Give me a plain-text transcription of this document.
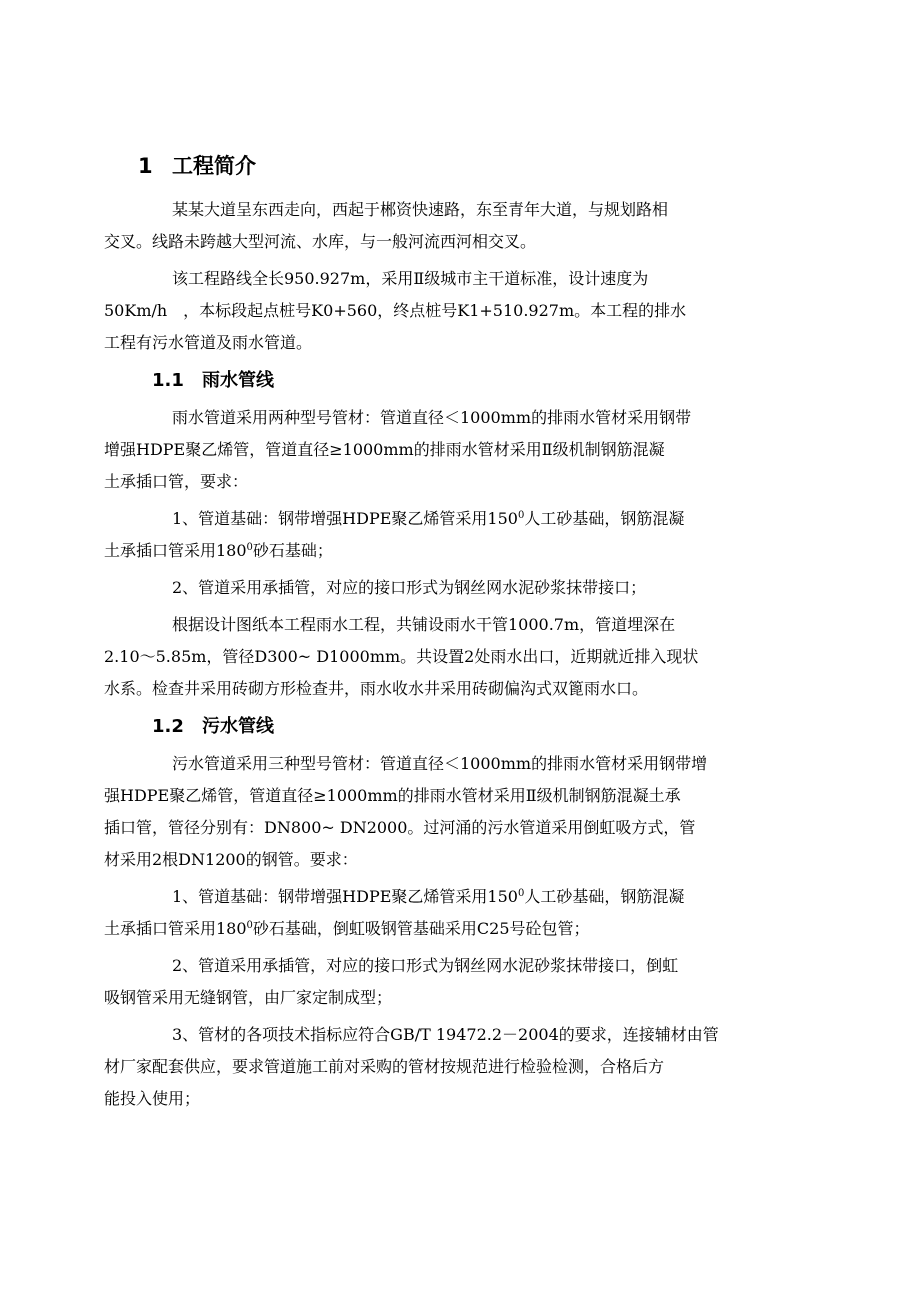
1 工程简介

某某大道呈东西走向，西起于郴资快速路，东至青年大道，与规划路相
交叉。线路未跨越大型河流、水库，与一般河流西河相交叉。

该工程路线全长950.927m，采用Ⅱ级城市主干道标准，设计速度为
50Km/h　，本标段起点桩号K0+560，终点桩号K1+510.927m。本工程的排水
工程有污水管道及雨水管道。

1.1 雨水管线

雨水管道采用两种型号管材：管道直径＜1000mm的排雨水管材采用钢带
增强HDPE聚乙烯管，管道直径≥1000mm的排雨水管材采用Ⅱ级机制钢筋混凝
土承插口管，要求：

1、管道基础：钢带增强HDPE聚乙烯管采用$150^0$人工砂基础，钢筋混凝
土承插口管采用$180^0$砂石基础；

2、管道采用承插管，对应的接口形式为钢丝网水泥砂浆抹带接口；

根据设计图纸本工程雨水工程，共铺设雨水干管1000.7m，管道埋深在
2.10～5.85m，管径D300~ D1000mm。共设置2处雨水出口，近期就近排入现状
水系。检查井采用砖砌方形检查井，雨水收水井采用砖砌偏沟式双篦雨水口。

1.2 污水管线

污水管道采用三种型号管材：管道直径＜1000mm的排雨水管材采用钢带增
强HDPE聚乙烯管，管道直径≥1000mm的排雨水管材采用Ⅱ级机制钢筋混凝土承
插口管，管径分别有：DN800~ DN2000。过河涌的污水管道采用倒虹吸方式，管
材采用2根DN1200的钢管。要求：

1、管道基础：钢带增强HDPE聚乙烯管采用$150^0$人工砂基础，钢筋混凝
土承插口管采用$180^0$砂石基础，倒虹吸钢管基础采用C25号砼包管；

2、管道采用承插管，对应的接口形式为钢丝网水泥砂浆抹带接口，倒虹
吸钢管采用无缝钢管，由厂家定制成型；

3、管材的各项技术指标应符合GB/T 19472.2－2004的要求，连接辅材由管
材厂家配套供应，要求管道施工前对采购的管材按规范进行检验检测，合格后方
能投入使用；
